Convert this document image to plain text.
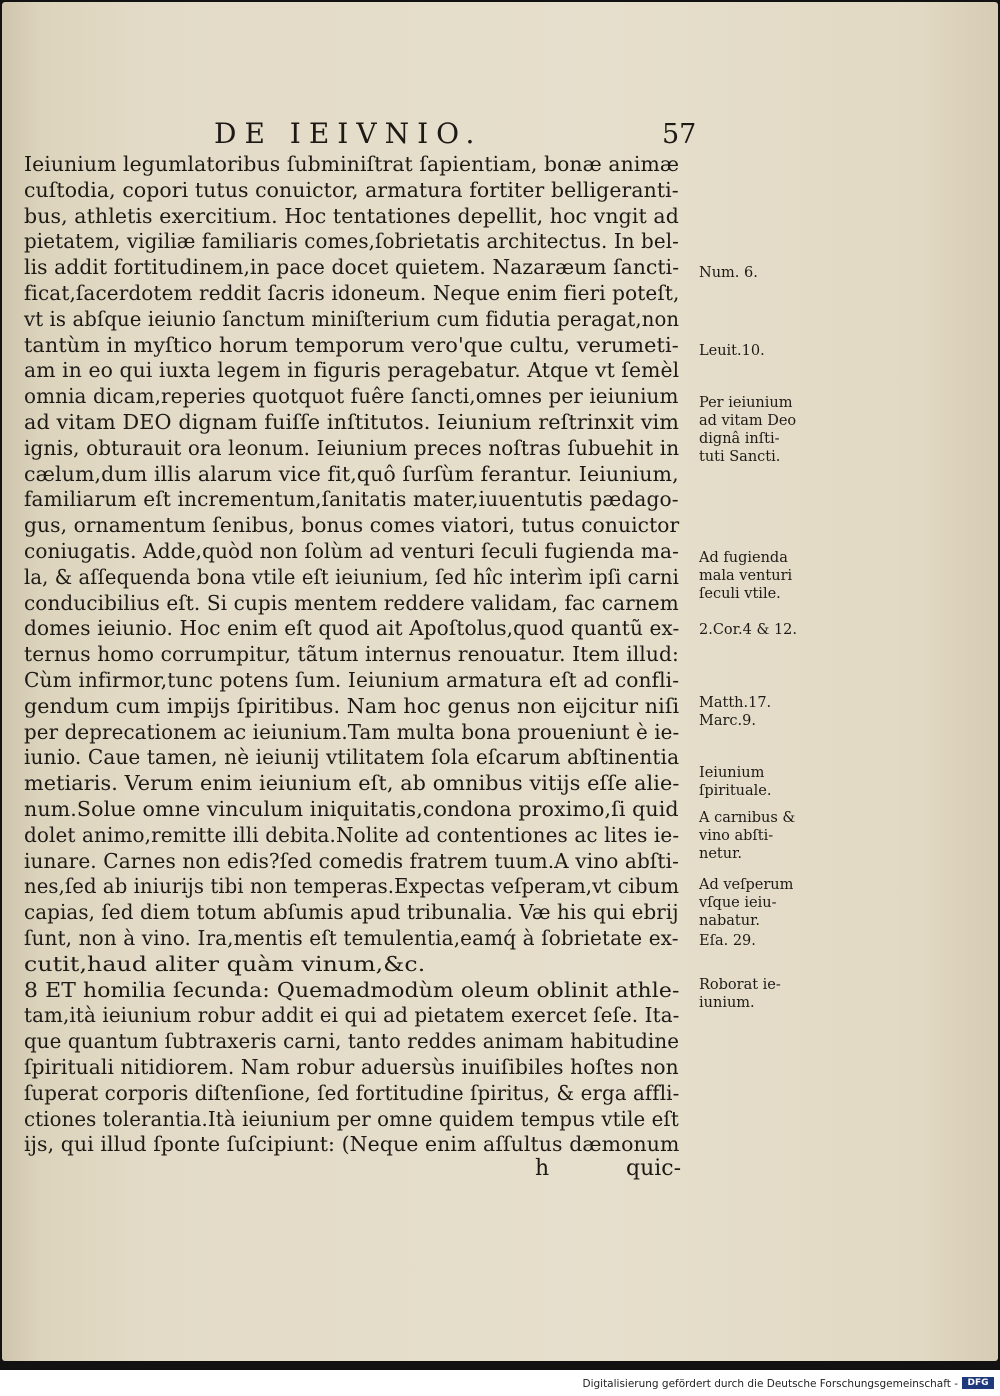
DE IEIVNIO.	57
Ieiunium legumlatoribus ſubminiſtrat ſapientiam, bonæ animæ
cuſtodia, copori tutus conuictor, armatura fortiter belligeranti-
bus, athletis exercitium. Hoc tentationes depellit, hoc vngit ad
pietatem, vigiliæ familiaris comes,ſobrietatis architectus. In bel-
lis addit fortitudinem,in pace docet quietem. Nazaræum ſancti-
ficat,ſacerdotem reddit ſacris idoneum. Neque enim fieri poteſt,
vt is abſque ieiunio ſanctum miniſterium cum fidutia peragat,non
tantùm in myſtico horum temporum vero'que cultu, verumeti-
am in eo qui iuxta legem in figuris peragebatur. Atque vt ſemèl
omnia dicam,reperies quotquot fuêre ſancti,omnes per ieiunium
ad vitam DEO dignam fuiſſe inſtitutos. Ieiunium reſtrinxit vim
ignis, obturauit ora leonum. Ieiunium preces noſtras ſubuehit in
cælum,dum illis alarum vice fit,quô ſurſùm ferantur. Ieiunium,
familiarum eſt incrementum,ſanitatis mater,iuuentutis pædago-
gus, ornamentum ſenibus, bonus comes viatori, tutus conuictor
coniugatis. Adde,quòd non ſolùm ad venturi ſeculi fugienda ma-
la, & aſſequenda bona vtile eſt ieiunium, ſed hîc interìm ipſi carni
conducibilius eſt. Si cupis mentem reddere validam, fac carnem
domes ieiunio. Hoc enim eſt quod ait Apoſtolus,quod quantũ ex-
ternus homo corrumpitur, tãtum internus renouatur. Item illud:
Cùm infirmor,tunc potens ſum. Ieiunium armatura eſt ad confli-
gendum cum impijs ſpiritibus. Nam hoc genus non eijcitur niſi
per deprecationem ac ieiunium.Tam multa bona proueniunt è ie-
iunio. Caue tamen, nè ieiunij vtilitatem ſola eſcarum abſtinentia
metiaris. Verum enim ieiunium eſt, ab omnibus vitijs eſſe alie-
num.Solue omne vinculum iniquitatis,condona proximo,ſi quid
dolet animo,remitte illi debita.Nolite ad contentiones ac lites ie-
iunare. Carnes non edis?ſed comedis fratrem tuum.A vino abſti-
nes,ſed ab iniurijs tibi non temperas.Expectas veſperam,vt cibum
capias, ſed diem totum abſumis apud tribunalia. Væ his qui ebrij
ſunt, non à vino. Ira,mentis eſt temulentia,eamq́ à ſobrietate ex-
cutit,haud aliter quàm vinum,&c.
8 ET homilia ſecunda: Quemadmodùm oleum oblinit athle-
tam,ità ieiunium robur addit ei qui ad pietatem exercet ſeſe. Ita-
que quantum ſubtraxeris carni, tanto reddes animam habitudine
ſpirituali nitidiorem. Nam robur aduersùs inuiſibiles hoſtes non
ſuperat corporis diſtenſione, ſed fortitudine ſpiritus, & erga affli-
ctiones tolerantia.Ità ieiunium per omne quidem tempus vtile eſt
ijs, qui illud ſponte ſuſcipiunt: (Neque enim aſſultus dæmonum
h	quic-
Num. 6.
Leuit.10.
Per ieiunium
ad vitam Deo
dignâ inſti-
tuti Sancti.
Ad fugienda
mala venturi
ſeculi vtile.
2.Cor.4 & 12.
Matth.17.
Marc.9.
Ieiunium
ſpirituale.
A carnibus &
vino abſti-
netur.
Ad veſperum
vſque ieiu-
nabatur.
Eſa. 29.
Roborat ie-
iunium.
Digitalisierung gefördert durch die Deutsche Forschungsgemeinschaft -	DFG
